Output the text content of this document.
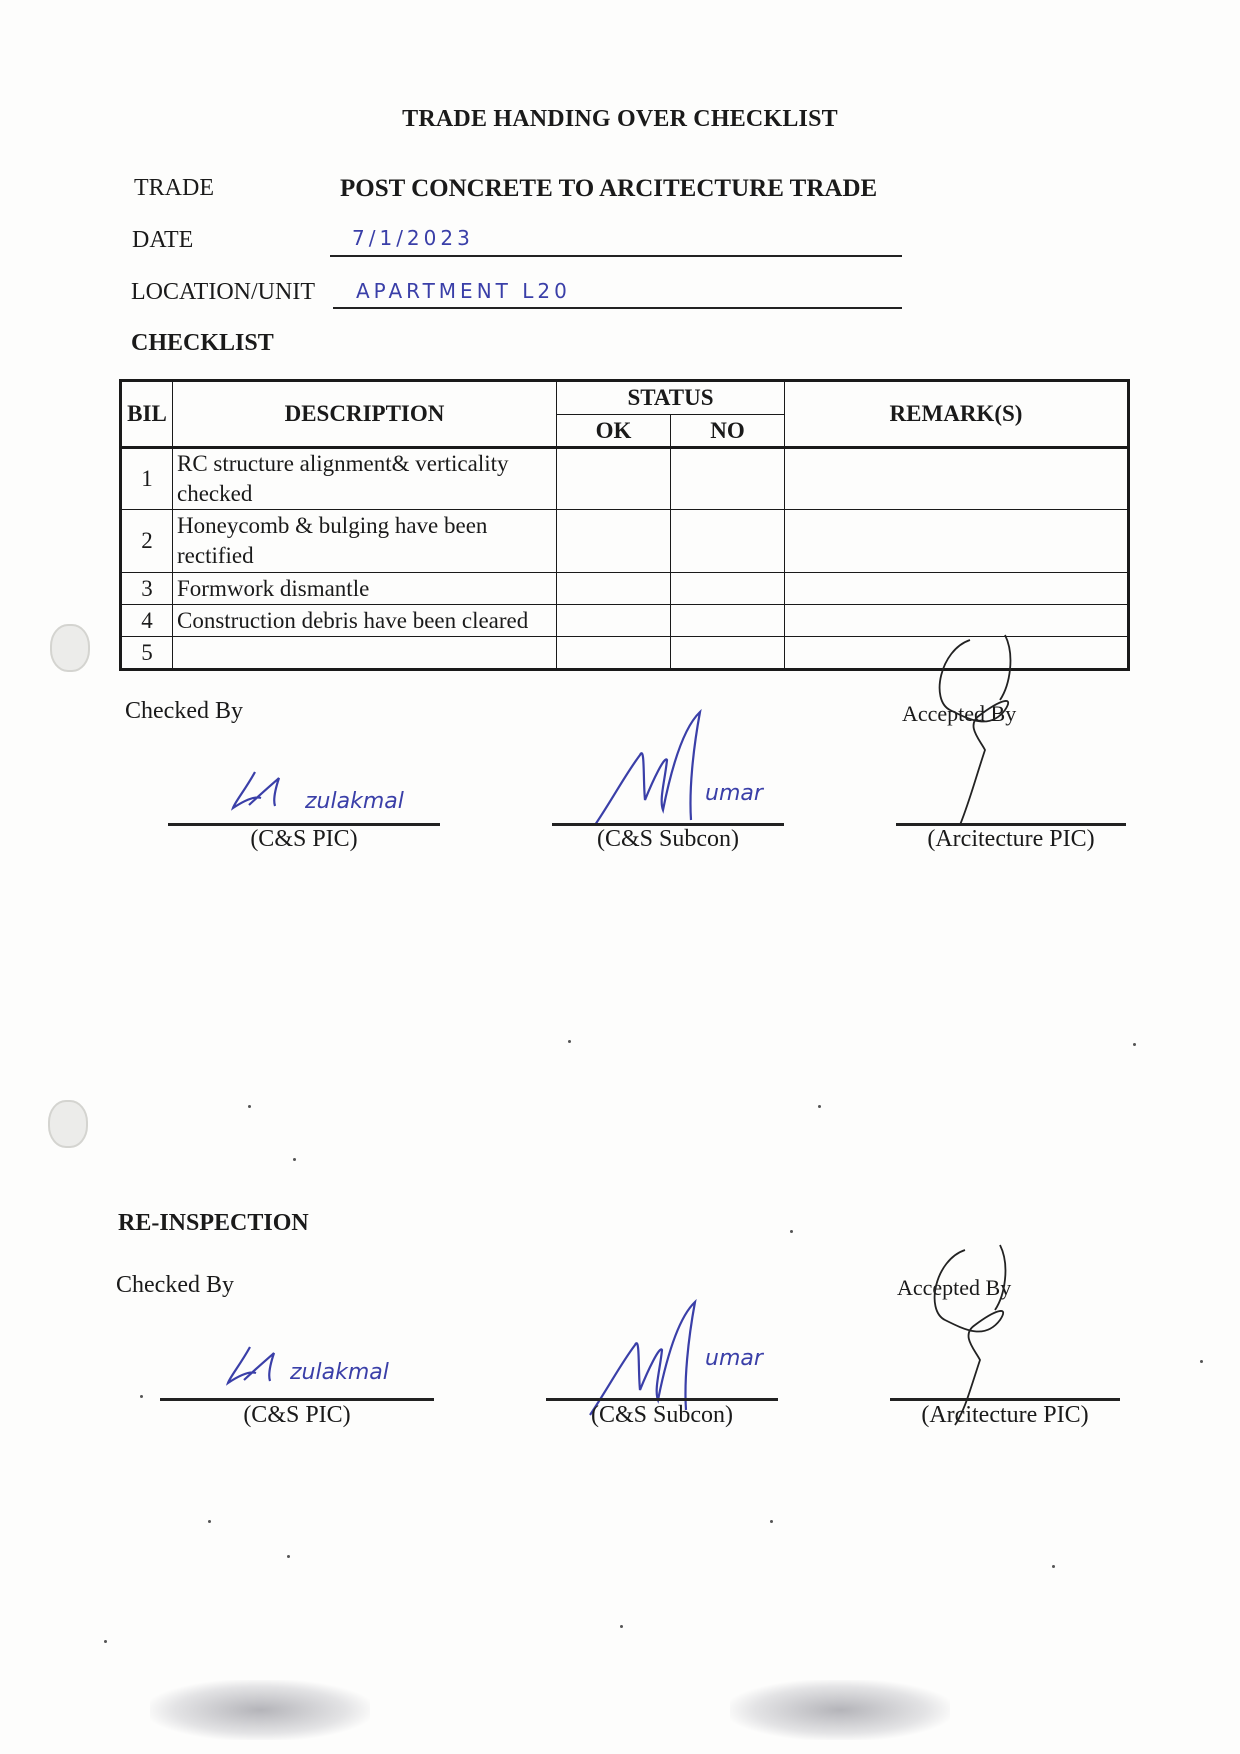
TRADE HANDING OVER CHECKLIST
TRADE	POST CONCRETE TO ARCITECTURE TRADE
DATE	7/1/2023
LOCATION/UNIT APARTMENT L20
CHECKLIST
BIL	DESCRIPTION	STATUS		REMARK(S)
		OK	NO	
1	RC structure alignment& verticality
checked			

2	Honeycomb & bulging have been
rectified			

3	Formwork dismantle			
4	Construction debris have been cleared			
5				
Checked By	Accepted By
zulakmal
(C&S PIC)
umar
(C&S Subcon)	(Arcitecture PIC)
RE-INSPECTION
Checked By	Accepted By
zulakmal
(C&S PIC)
umar
(C&S Subcon)	(Arcitecture PIC)
